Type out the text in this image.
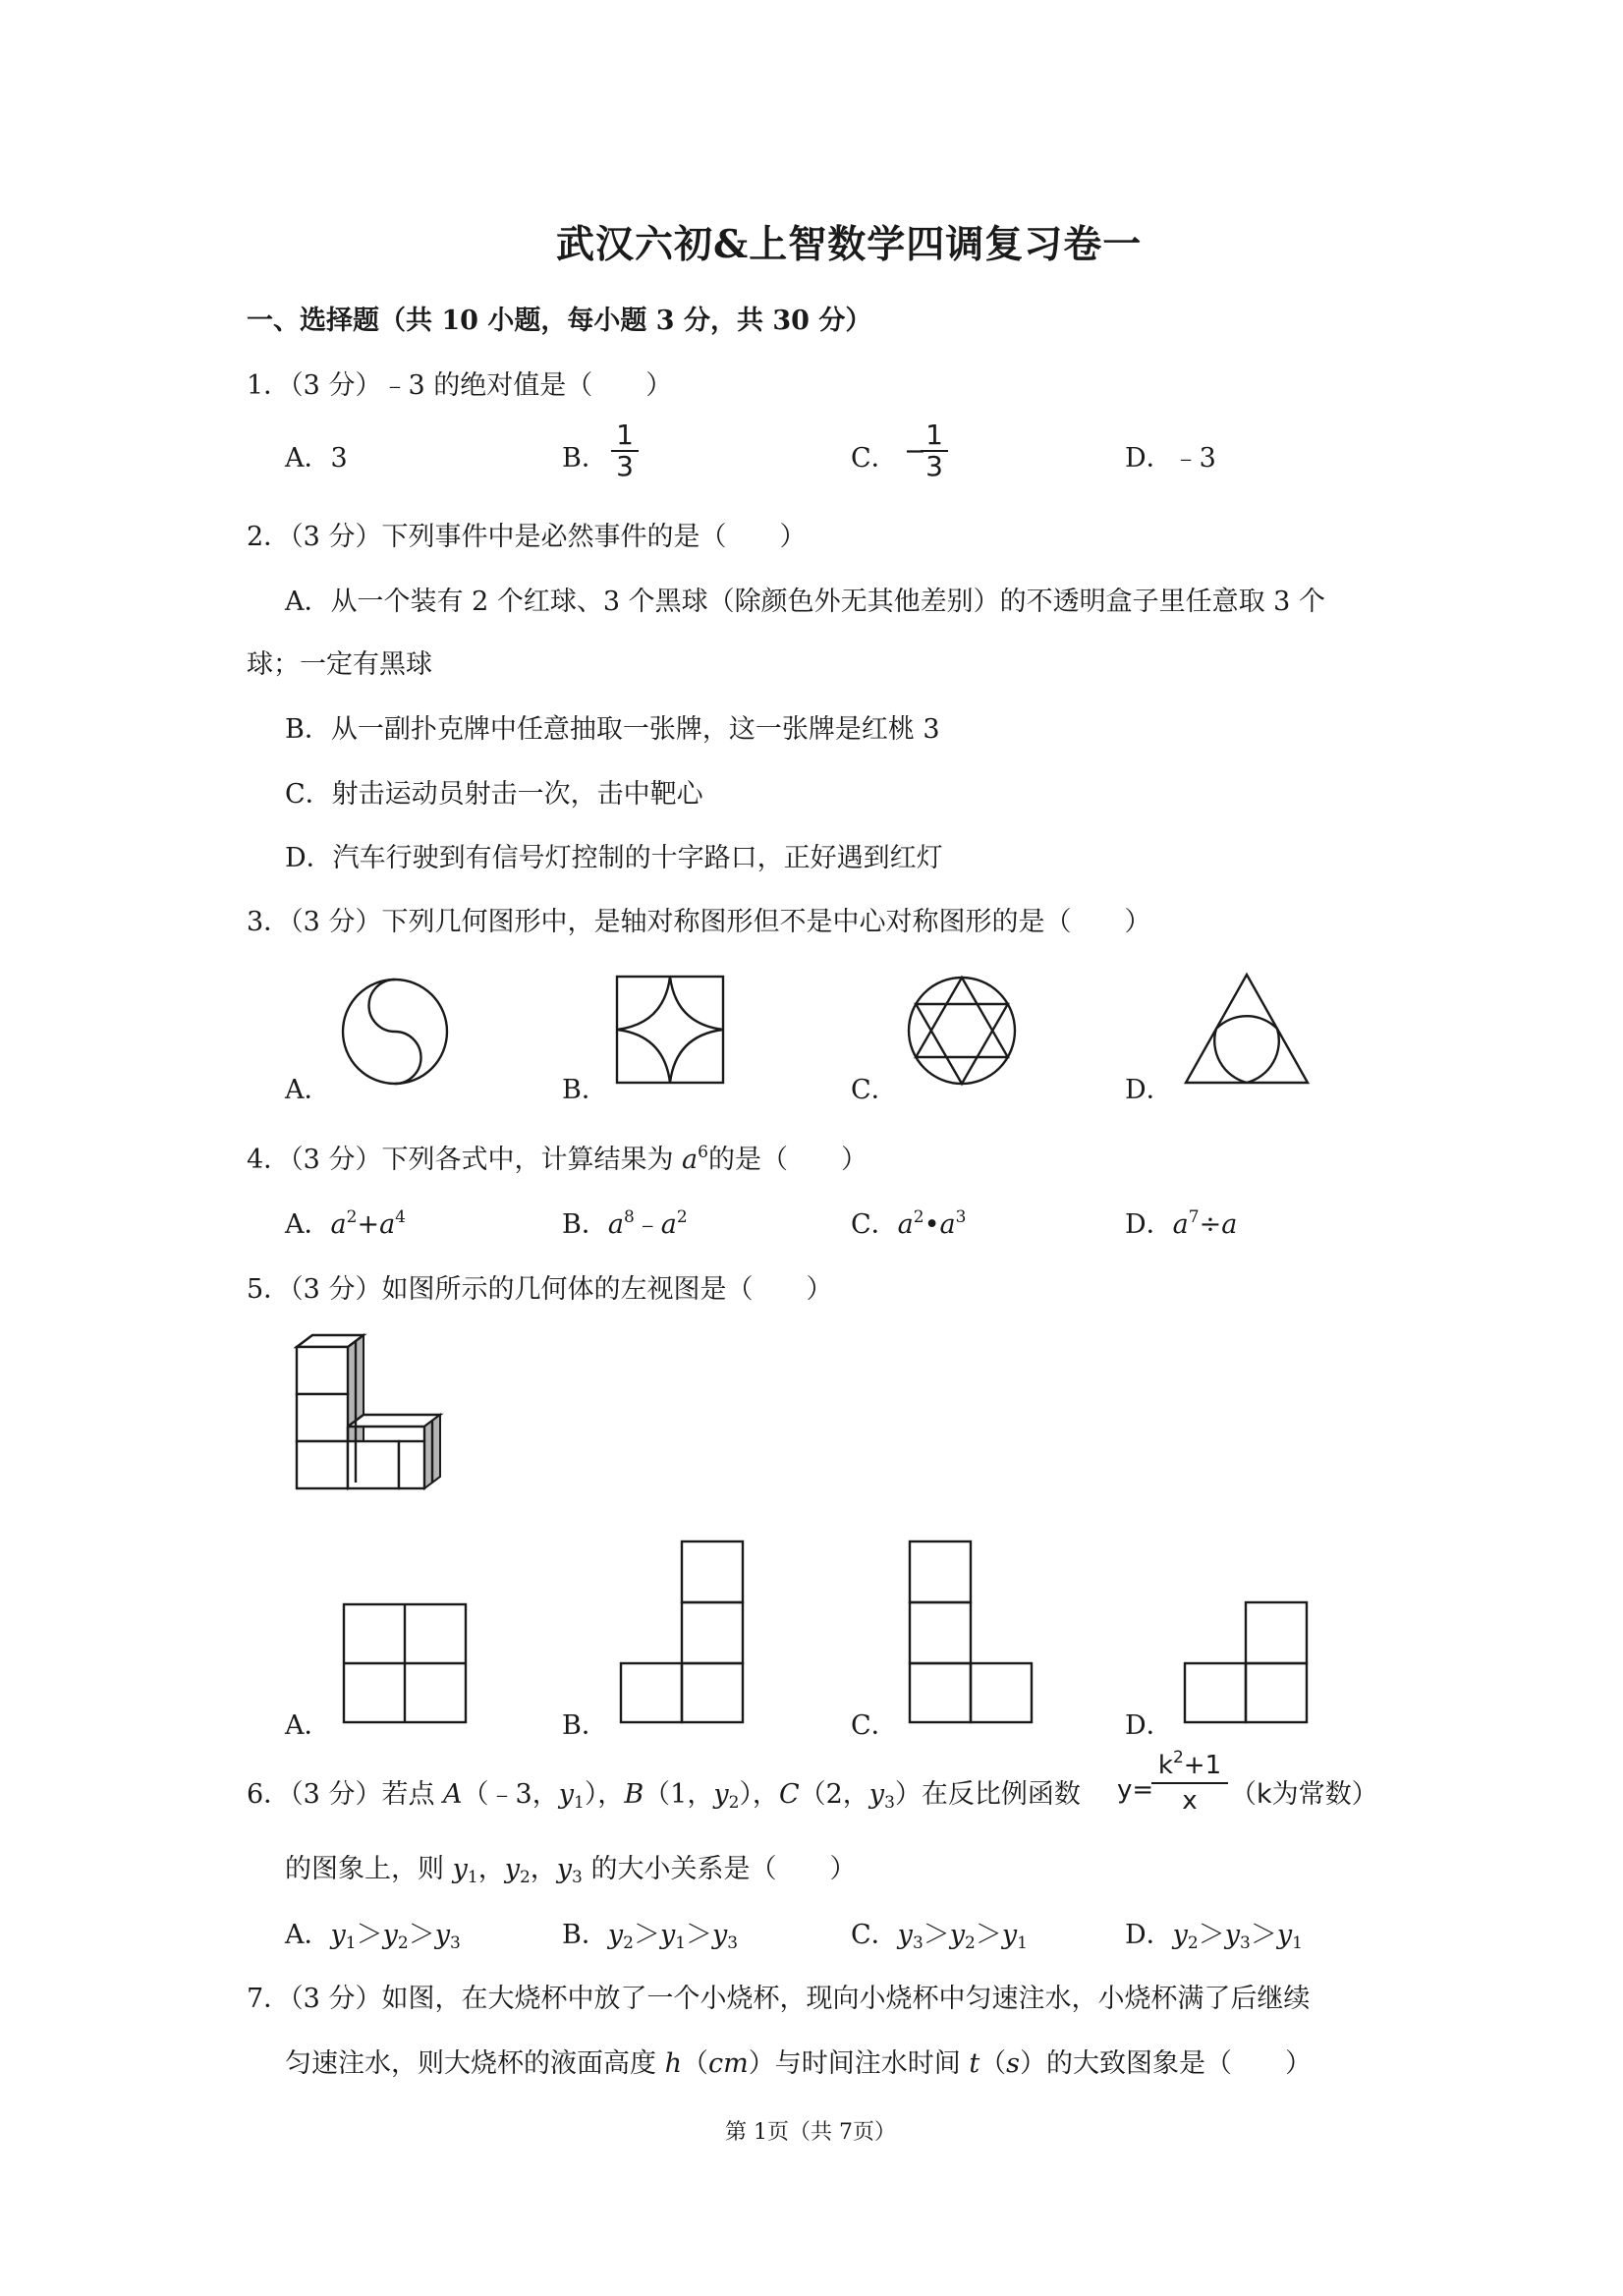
武汉六初&上智数学四调复习卷一
一、选择题（共 10 小题，每小题 3 分，共 30 分）
1．（3 分）﹣3 的绝对值是（　　）
A．3	B．
1
3	C． −
1
3	D．﹣3
2．（3 分）下列事件中是必然事件的是（　　）
A．从一个装有 2 个红球、3 个黑球（除颜色外无其他差别）的不透明盒子里任意取 3 个
球；一定有黑球
B．从一副扑克牌中任意抽取一张牌，这一张牌是红桃 3
C．射击运动员射击一次，击中靶心
D．汽车行驶到有信号灯控制的十字路口，正好遇到红灯
3．（3 分）下列几何图形中，是轴对称图形但不是中心对称图形的是（　　）
A．	B．	C．	D．
4．（3 分）下列各式中，计算结果为 $a^6$的是（　　）
A．$a^2+a^4$	B．$a^8﹣a^2$	C．$a^2•a^3$	D．$a^7\div a$
5．（3 分）如图所示的几何体的左视图是（　　）
A．	B．	C．	D．
6．（3 分）若点 A（﹣3，$y_1$），B（1，$y_2$），C（2，$y_3$）在反比例函数 y=
$k^2+1$
x	（k为常数）
的图象上，则 $y_1$，$y_2$，$y_3$ 的大小关系是（　　）
A．$y_1>y_2>y_3$	B．$y_2>y_1>y_3$	C．$y_3>y_2>y_1$	D．$y_2>y_3>y_1$
7．（3 分）如图，在大烧杯中放了一个小烧杯，现向小烧杯中匀速注水，小烧杯满了后继续
匀速注水，则大烧杯的液面高度 h（cm）与时间注水时间 t（s）的大致图象是（　　）
第 1页（共 7页）
